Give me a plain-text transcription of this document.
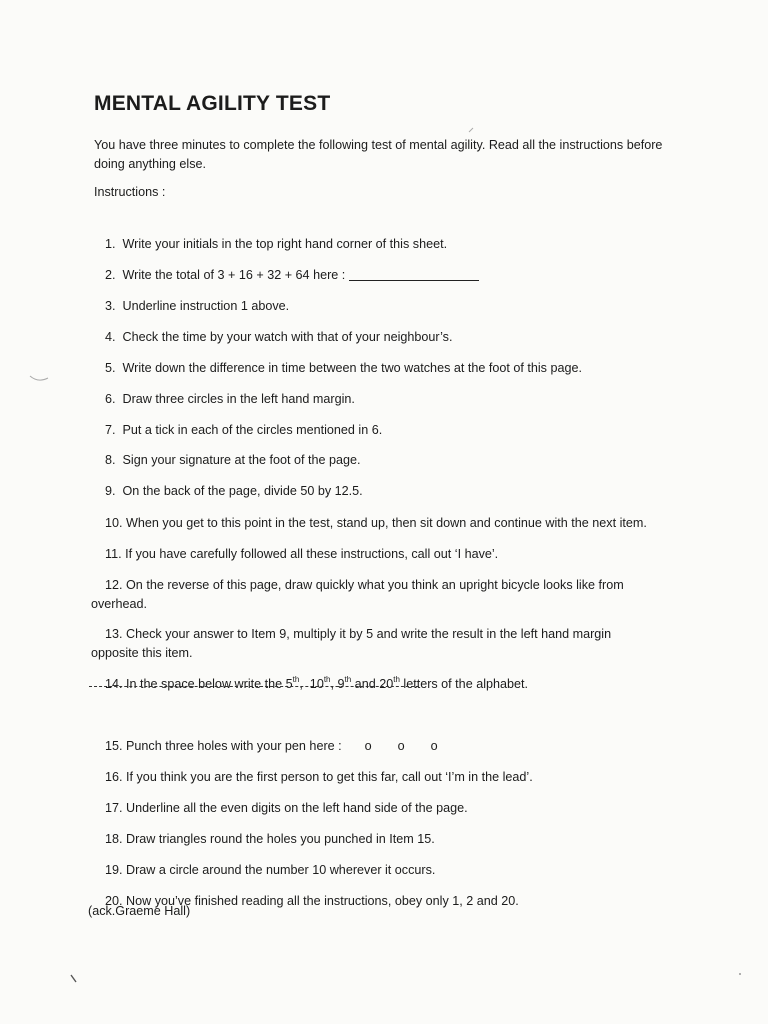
MENTAL AGILITY TEST

You have three minutes to complete the following test of mental agility. Read all the instructions before doing anything else.

Instructions :

1. Write your initials in the top right hand corner of this sheet.

2. Write the total of 3 + 16 + 32 + 64 here :

3. Underline instruction 1 above.

4. Check the time by your watch with that of your neighbour’s.

5. Write down the difference in time between the two watches at the foot of this page.

6. Draw three circles in the left hand margin.

7. Put a tick in each of the circles mentioned in 6.

8. Sign your signature at the foot of the page.

9. On the back of the page, divide 50 by 12.5.

10. When you get to this point in the test, stand up, then sit down and continue with the next item.

11. If you have carefully followed all these instructions, call out ‘I have’.

12. On the reverse of this page, draw quickly what you think an upright bicycle looks like from overhead.

13. Check your answer to Item 9, multiply it by 5 and write the result in the left hand margin opposite this item.

14. In the space below write the 5th,  10th, 9th and 20th letters of the alphabet.

15. Punch three holes with your pen here : o o o

16. If you think you are the first person to get this far, call out ‘I’m in the lead’.

17. Underline all the even digits on the left hand side of the page.

18. Draw triangles round the holes you punched in Item 15.

19. Draw a circle around the number 10 wherever it occurs.

20. Now you’ve finished reading all the instructions, obey only 1, 2 and 20.

(ack.Graeme Hall)
